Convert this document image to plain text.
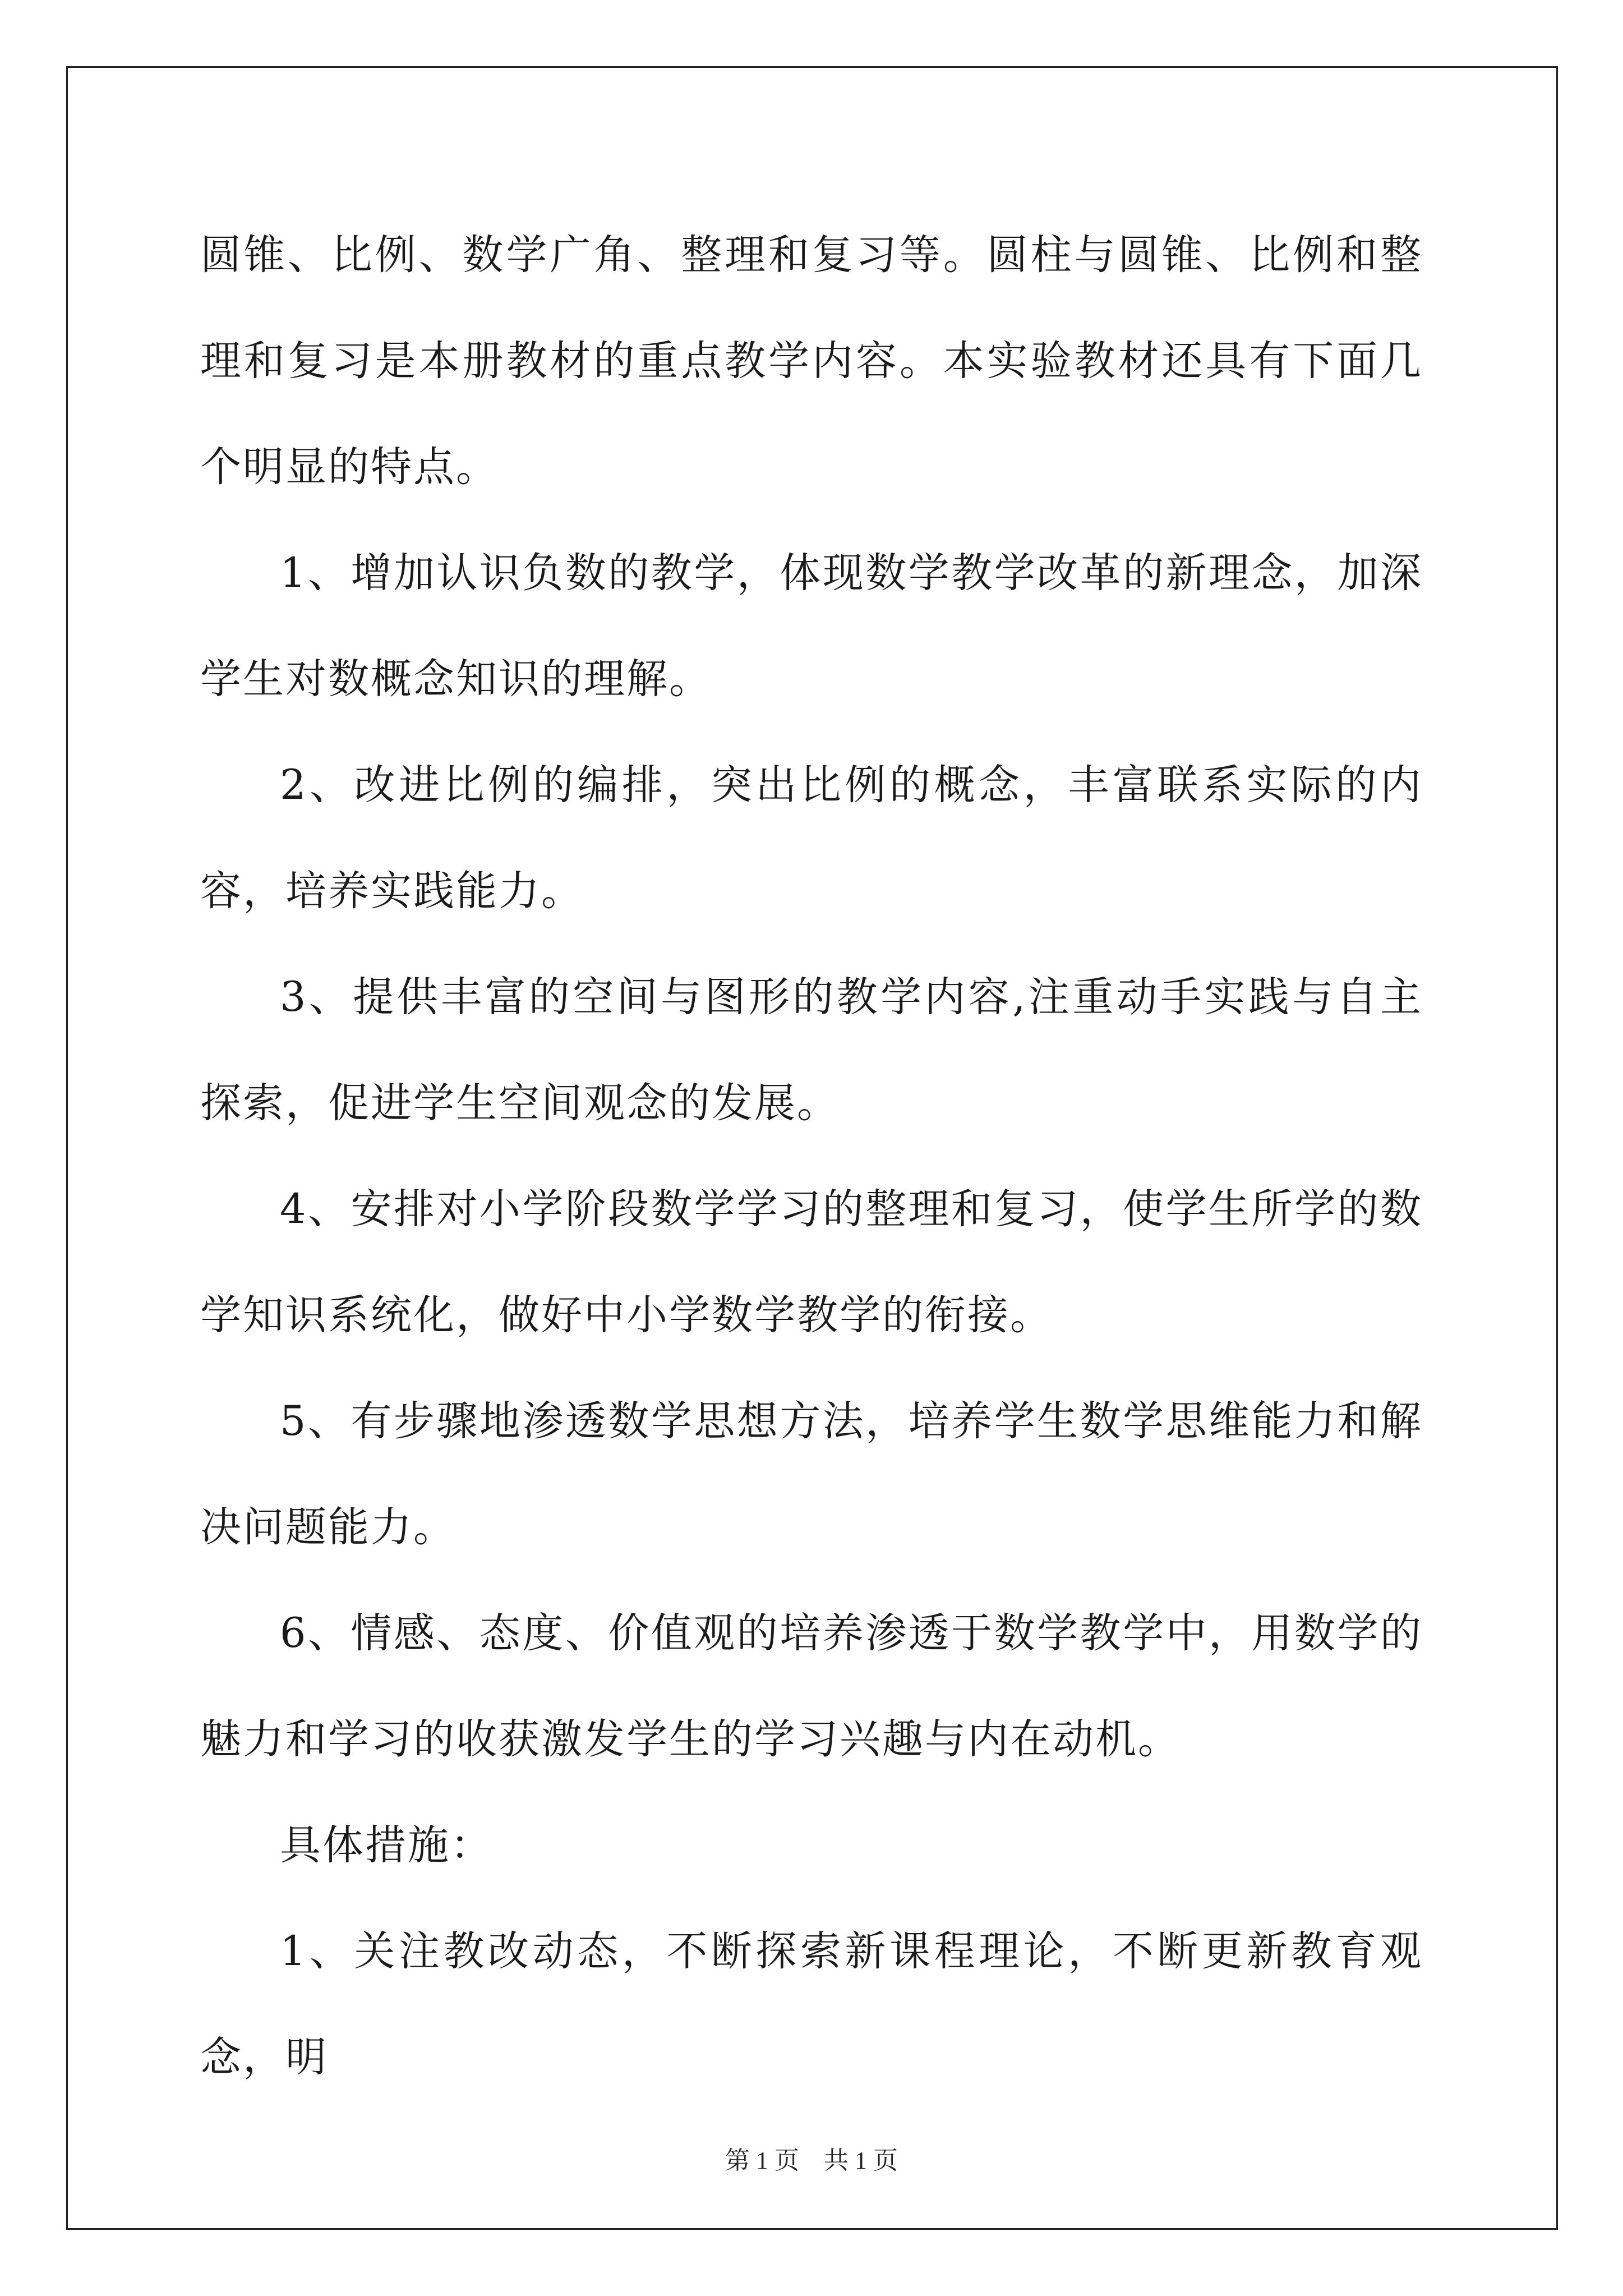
圆锥、比例、数学广角、整理和复习等。圆柱与圆锥、比例和整理和复习是本册教材的重点教学内容。本实验教材还具有下面几个明显的特点。

1、增加认识负数的教学，体现数学教学改革的新理念，加深学生对数概念知识的理解。

2、改进比例的编排，突出比例的概念，丰富联系实际的内容，培养实践能力。

3、提供丰富的空间与图形的教学内容,注重动手实践与自主探索，促进学生空间观念的发展。

4、安排对小学阶段数学学习的整理和复习，使学生所学的数学知识系统化，做好中小学数学教学的衔接。

5、有步骤地渗透数学思想方法，培养学生数学思维能力和解决问题能力。

6、情感、态度、价值观的培养渗透于数学教学中，用数学的魅力和学习的收获激发学生的学习兴趣与内在动机。

具体措施：

1、关注教改动态，不断探索新课程理论，不断更新教育观念，明

第 1 页    共 1 页
